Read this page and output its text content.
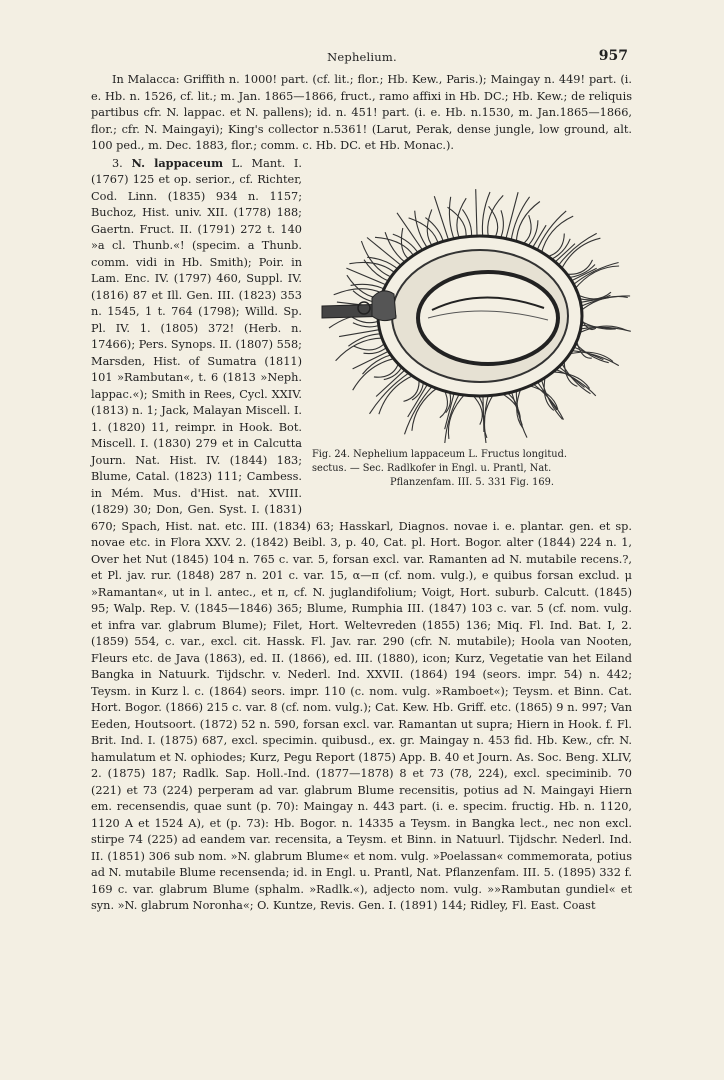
Nephelium.	957

In Malacca: Griffith n. 1000! part. (cf. lit.; flor.; Hb. Kew., Paris.); Maingay n. 449! part. (i. e. Hb. n. 1526, cf. lit.; m. Jan. 1865—1866, fruct., ramo affixi in Hb. DC.; Hb. Kew.; de reliquis partibus cfr. N. lappac. et N. pallens); id. n. 451! part. (i. e. Hb. n.1530, m. Jan.1865—1866, flor.; cfr. N. Maingayi); King's collector n.5361! (Larut, Perak, dense jungle, low ground, alt. 100 ped., m. Dec. 1883, flor.; comm. c. Hb. DC. et Hb. Monac.).

Fig. 24. Nephelium lappaceum L. Fructus longitud.
sectus. — Sec. Radlkofer in Engl. u. Prantl, Nat.
Pflanzenfam. III. 5. 331 Fig. 169.

3. N. lappaceum L. Mant. I. (1767) 125 et op. serior., cf. Richter, Cod. Linn. (1835) 934 n. 1157; Buchoz, Hist. univ. XII. (1778) 188; Gaertn. Fruct. II. (1791) 272 t. 140 »a cl. Thunb.«! (specim. a Thunb. comm. vidi in Hb. Smith); Poir. in Lam. Enc. IV. (1797) 460, Suppl. IV. (1816) 87 et Ill. Gen. III. (1823) 353 n. 1545, 1 t. 764 (1798); Willd. Sp. Pl. IV. 1. (1805) 372! (Herb. n. 17466); Pers. Synops. II. (1807) 558; Marsden, Hist. of Sumatra (1811) 101 »Rambutan«, t. 6 (1813 »Neph. lappac.«); Smith in Rees, Cycl. XXIV. (1813) n. 1; Jack, Malayan Miscell. I. 1. (1820) 11, reimpr. in Hook. Bot. Miscell. I. (1830) 279 et in Calcutta Journ. Nat. Hist. IV. (1844) 183; Blume, Catal. (1823) 111; Cambess. in Mém. Mus. d'Hist. nat. XVIII. (1829) 30; Don, Gen. Syst. I. (1831) 670; Spach, Hist. nat. etc. III. (1834) 63; Hasskarl, Diagnos. novae i. e. plantar. gen. et sp. novae etc. in Flora XXV. 2. (1842) Beibl. 3, p. 40, Cat. pl. Hort. Bogor. alter (1844) 224 n. 1, Over het Nut (1845) 104 n. 765 c. var. 5, forsan excl. var. Ramanten ad N. mutabile recens.?, et Pl. jav. rur. (1848) 287 n. 201 c. var. 15, α—π (cf. nom. vulg.), e quibus forsan exclud. μ »Ramantan«, ut in l. antec., et π, cf. N. juglandifolium; Voigt, Hort. suburb. Calcutt. (1845) 95; Walp. Rep. V. (1845—1846) 365; Blume, Rumphia III. (1847) 103 c. var. 5 (cf. nom. vulg. et infra var. glabrum Blume); Filet, Hort. Weltevreden (1855) 136; Miq. Fl. Ind. Bat. I, 2. (1859) 554, c. var., excl. cit. Hassk. Fl. Jav. rar. 290 (cfr. N. mutabile); Hoola van Nooten, Fleurs etc. de Java (1863), ed. II. (1866), ed. III. (1880), icon; Kurz, Vegetatie van het Eiland Bangka in Natuurk. Tijdschr. v. Nederl. Ind. XXVII. (1864) 194 (seors. impr. 54) n. 442; Teysm. in Kurz l. c. (1864) seors. impr. 110 (c. nom. vulg. »Ramboet«); Teysm. et Binn. Cat. Hort. Bogor. (1866) 215 c. var. 8 (cf. nom. vulg.); Cat. Kew. Hb. Griff. etc. (1865) 9 n. 997; Van Eeden, Houtsoort. (1872) 52 n. 590, forsan excl. var. Ramantan ut supra; Hiern in Hook. f. Fl. Brit. Ind. I. (1875) 687, excl. specimin. quibusd., ex. gr. Maingay n. 453 fid. Hb. Kew., cfr. N. hamulatum et N. ophiodes; Kurz, Pegu Report (1875) App. B. 40 et Journ. As. Soc. Beng. XLIV, 2. (1875) 187; Radlk. Sap. Holl.-Ind. (1877—1878) 8 et 73 (78, 224), excl. speciminib. 70 (221) et 73 (224) perperam ad var. glabrum Blume recensitis, potius ad N. Maingayi Hiern em. recensendis, quae sunt (p. 70): Maingay n. 443 part. (i. e. specim. fructig. Hb. n. 1120, 1120 A et 1524 A), et (p. 73): Hb. Bogor. n. 14335 a Teysm. in Bangka lect., nec non excl. stirpe 74 (225) ad eandem var. recensita, a Teysm. et Binn. in Natuurl. Tijdschr. Nederl. Ind. II. (1851) 306 sub nom. »N. glabrum Blume« et nom. vulg. »Poelassan« commemorata, potius ad N. mutabile Blume recensenda; id. in Engl. u. Prantl, Nat. Pflanzenfam. III. 5. (1895) 332 f. 169 c. var. glabrum Blume (sphalm. »Radlk.«), adjecto nom. vulg. »»Rambutan gundiel« et syn. »N. glabrum Noronha«; O. Kuntze, Revis. Gen. I. (1891) 144; Ridley, Fl. East. Coast
